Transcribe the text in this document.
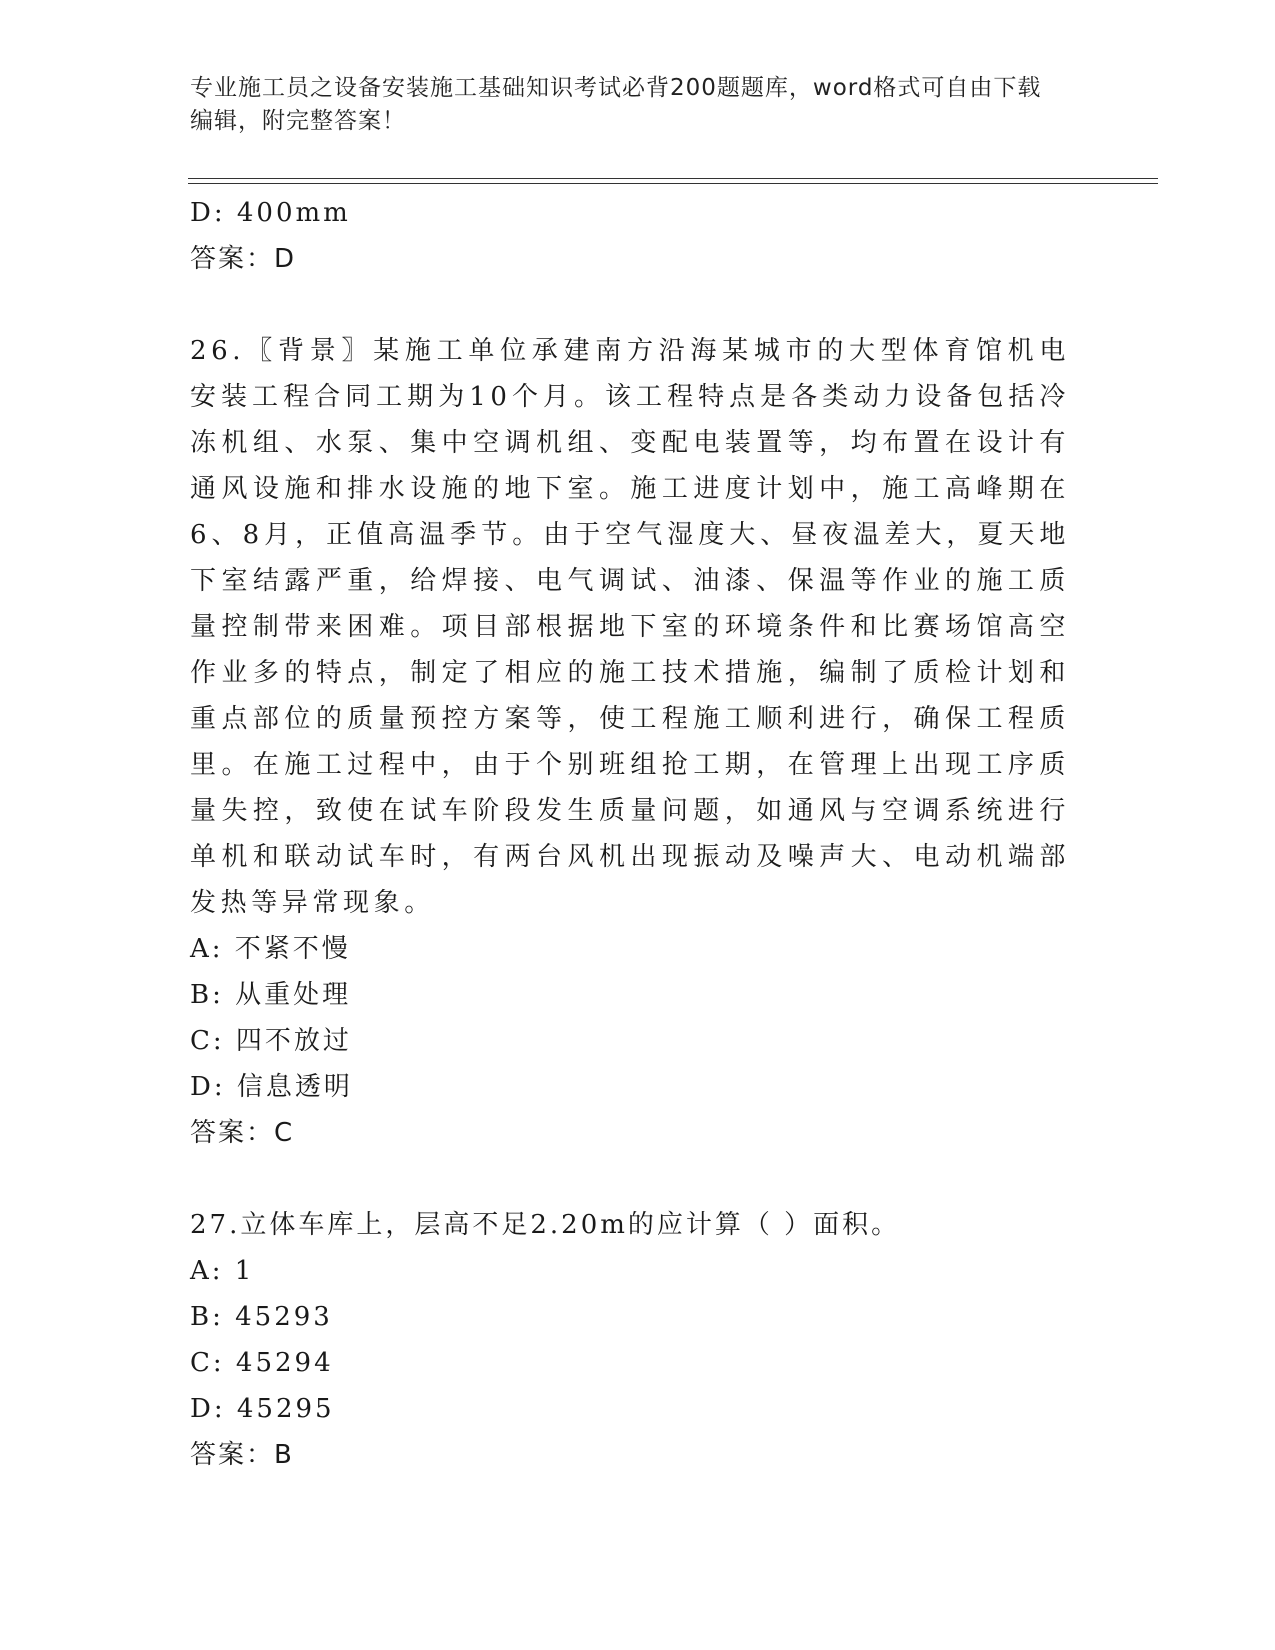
专业施工员之设备安装施工基础知识考试必背200题题库，word格式可自由下载
编辑，附完整答案！
D: 400mm
答案：D
26.〖背景〗某施工单位承建南方沿海某城市的大型体育馆机电安装工程合同工期为10个月。该工程特点是各类动力设备包括冷冻机组、水泵、集中空调机组、变配电装置等，均布置在设计有通风设施和排水设施的地下室。施工进度计划中，施工高峰期在6、8月，正值高温季节。由于空气湿度大、昼夜温差大，夏天地下室结露严重，给焊接、电气调试、油漆、保温等作业的施工质量控制带来困难。项目部根据地下室的环境条件和比赛场馆高空作业多的特点，制定了相应的施工技术措施，编制了质检计划和重点部位的质量预控方案等，使工程施工顺利进行，确保工程质里。在施工过程中，由于个别班组抢工期，在管理上出现工序质量失控，致使在试车阶段发生质量问题，如通风与空调系统进行单机和联动试车时，有两台风机出现振动及噪声大、电动机端部发热等异常现象。
A: 不紧不慢
B: 从重处理
C: 四不放过
D: 信息透明
答案：C
27.立体车库上，层高不足2.20m的应计算（ ）面积。
A: 1
B: 45293
C: 45294
D: 45295
答案：B
